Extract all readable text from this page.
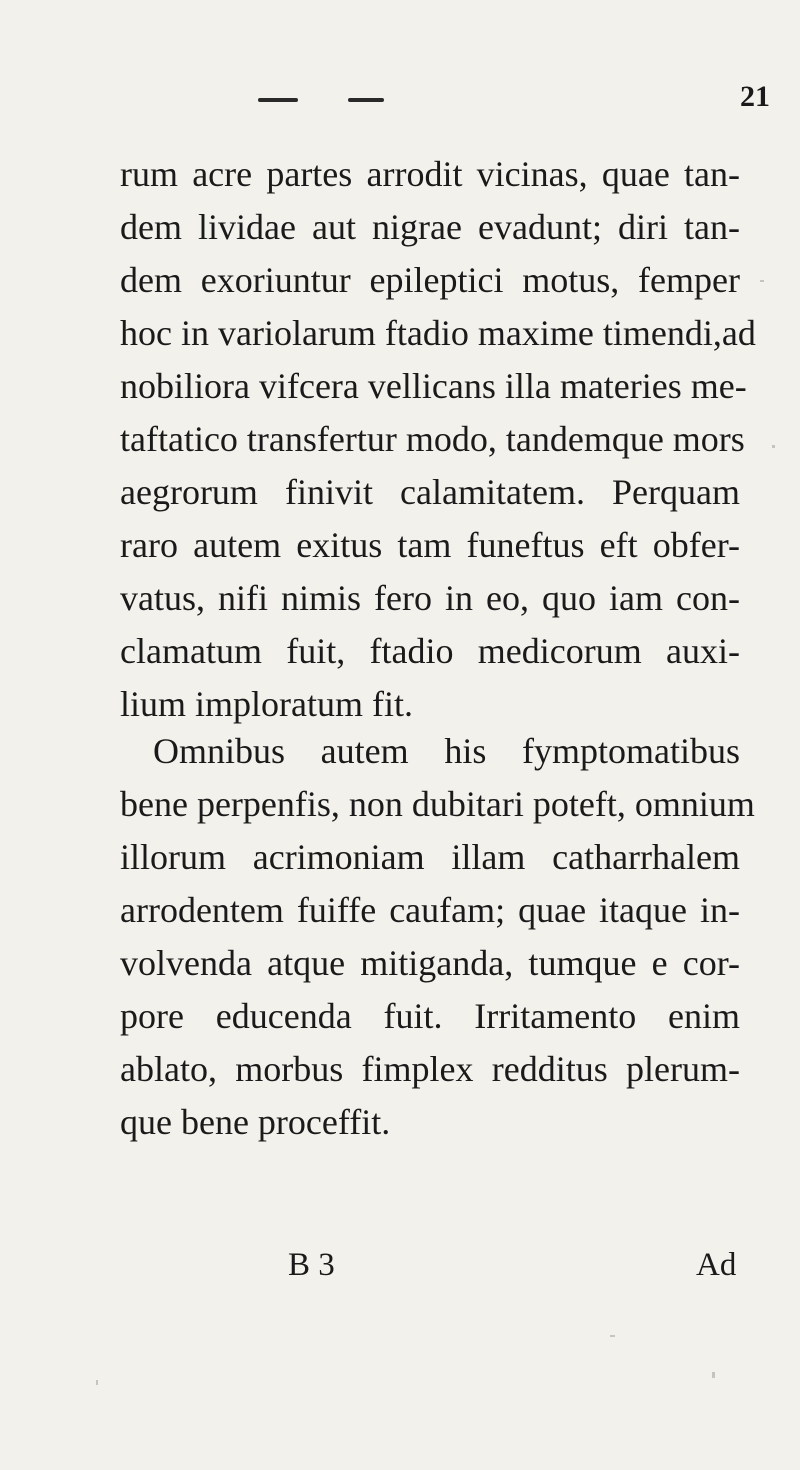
21

rum acre partes arrodit vicinas, quae tan-
dem lividae aut nigrae evadunt; diri tan-
dem exoriuntur epileptici motus, femper
hoc in variolarum ftadio maxime timendi,ad
nobiliora vifcera vellicans illa materies me-
taftatico transfertur modo, tandemque mors
aegrorum finivit calamitatem. Perquam
raro autem exitus tam funeftus eft obfer-
vatus, nifi nimis fero in eo, quo iam con-
clamatum fuit, ftadio medicorum auxi-
lium imploratum fit.

Omnibus autem his fymptomatibus
bene perpenfis, non dubitari poteft, omnium
illorum acrimoniam illam catharrhalem
arrodentem fuiffe caufam; quae itaque in-
volvenda atque mitiganda, tumque e cor-
pore educenda fuit. Irritamento enim
ablato, morbus fimplex redditus plerum-
que bene proceffit.

B 3	Ad
